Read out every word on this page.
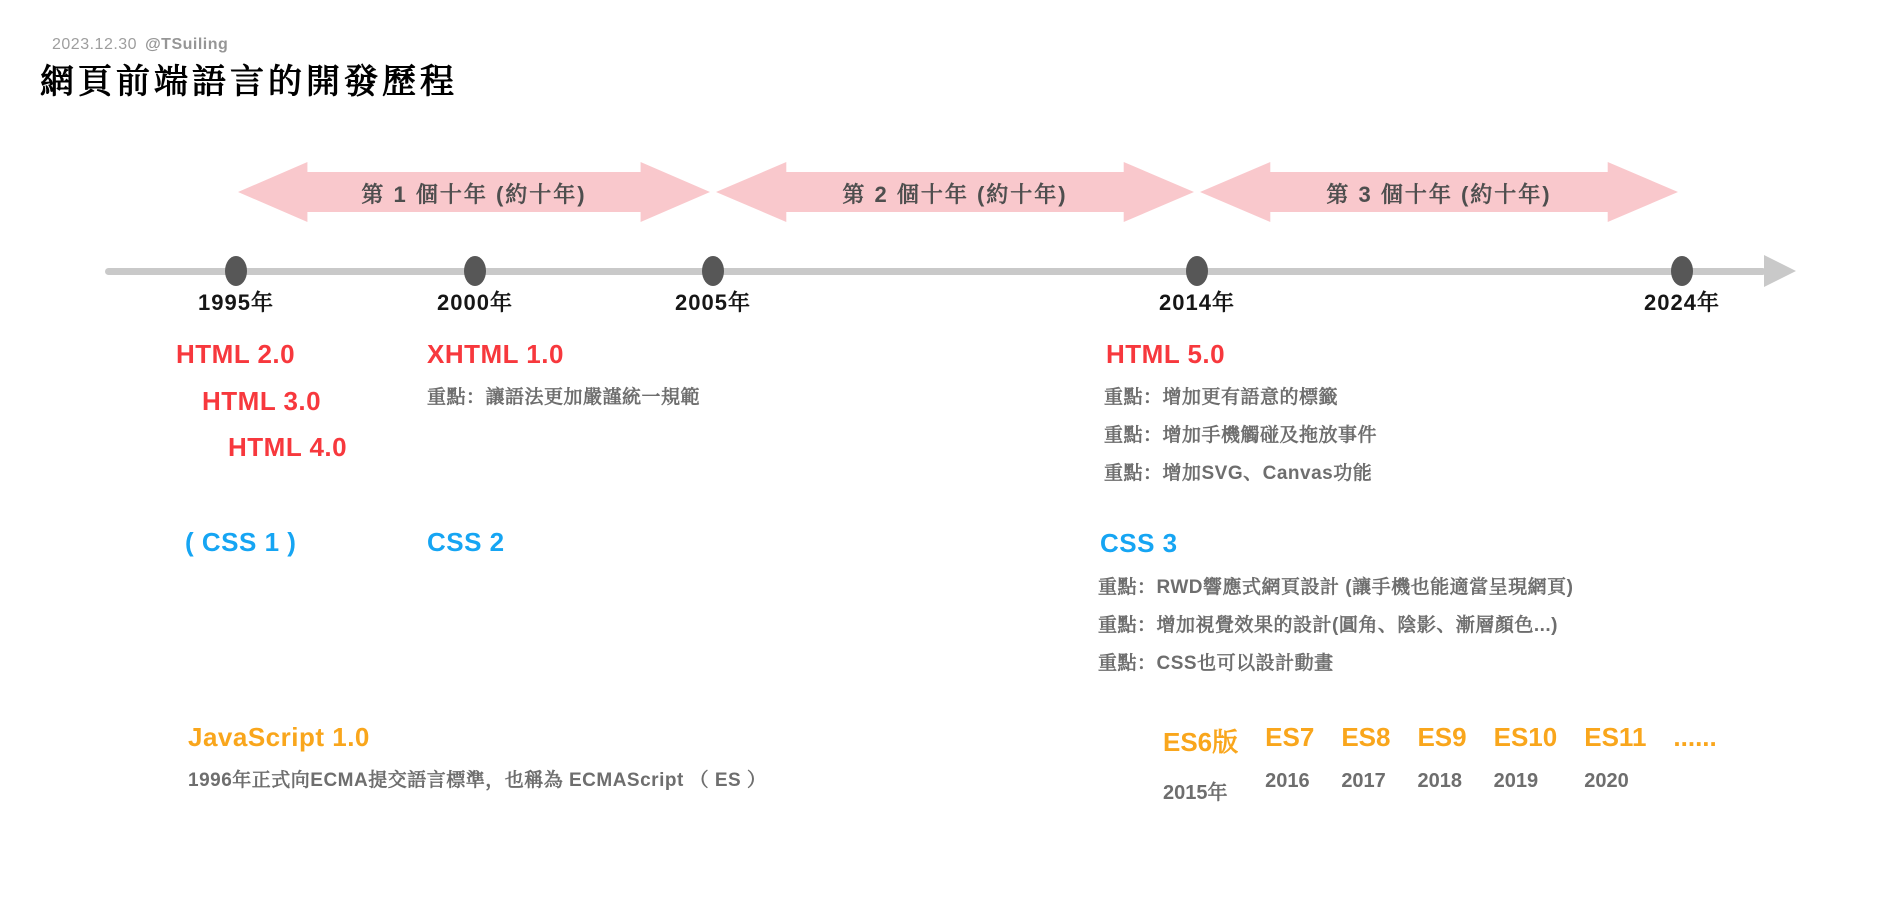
2023.12.30 @TSuiling
網頁前端語言的開發歷程
第 1 個十年 (約十年)	第 2 個十年 (約十年)	第 3 個十年 (約十年)
1995年	2000年	2005年	2014年	2024年
HTML 2.0
HTML 3.0
HTML 4.0
XHTML 1.0
重點：讓語法更加嚴謹統一規範
HTML 5.0
重點：增加更有語意的標籤
重點：增加手機觸碰及拖放事件
重點：增加SVG、Canvas功能
( CSS 1 )	CSS 2	CSS 3
重點：RWD響應式網頁設計 (讓手機也能適當呈現網頁)
重點：增加視覺效果的設計(圓角、陰影、漸層顏色...)
重點：CSS也可以設計動畫
JavaScript 1.0
1996年正式向ECMA提交語言標準，也稱為 ECMAScript （ ES ）
ES6版
2015年
ES7
2016
ES8
2017
ES9
2018
ES10
2019
ES11
2020
......
